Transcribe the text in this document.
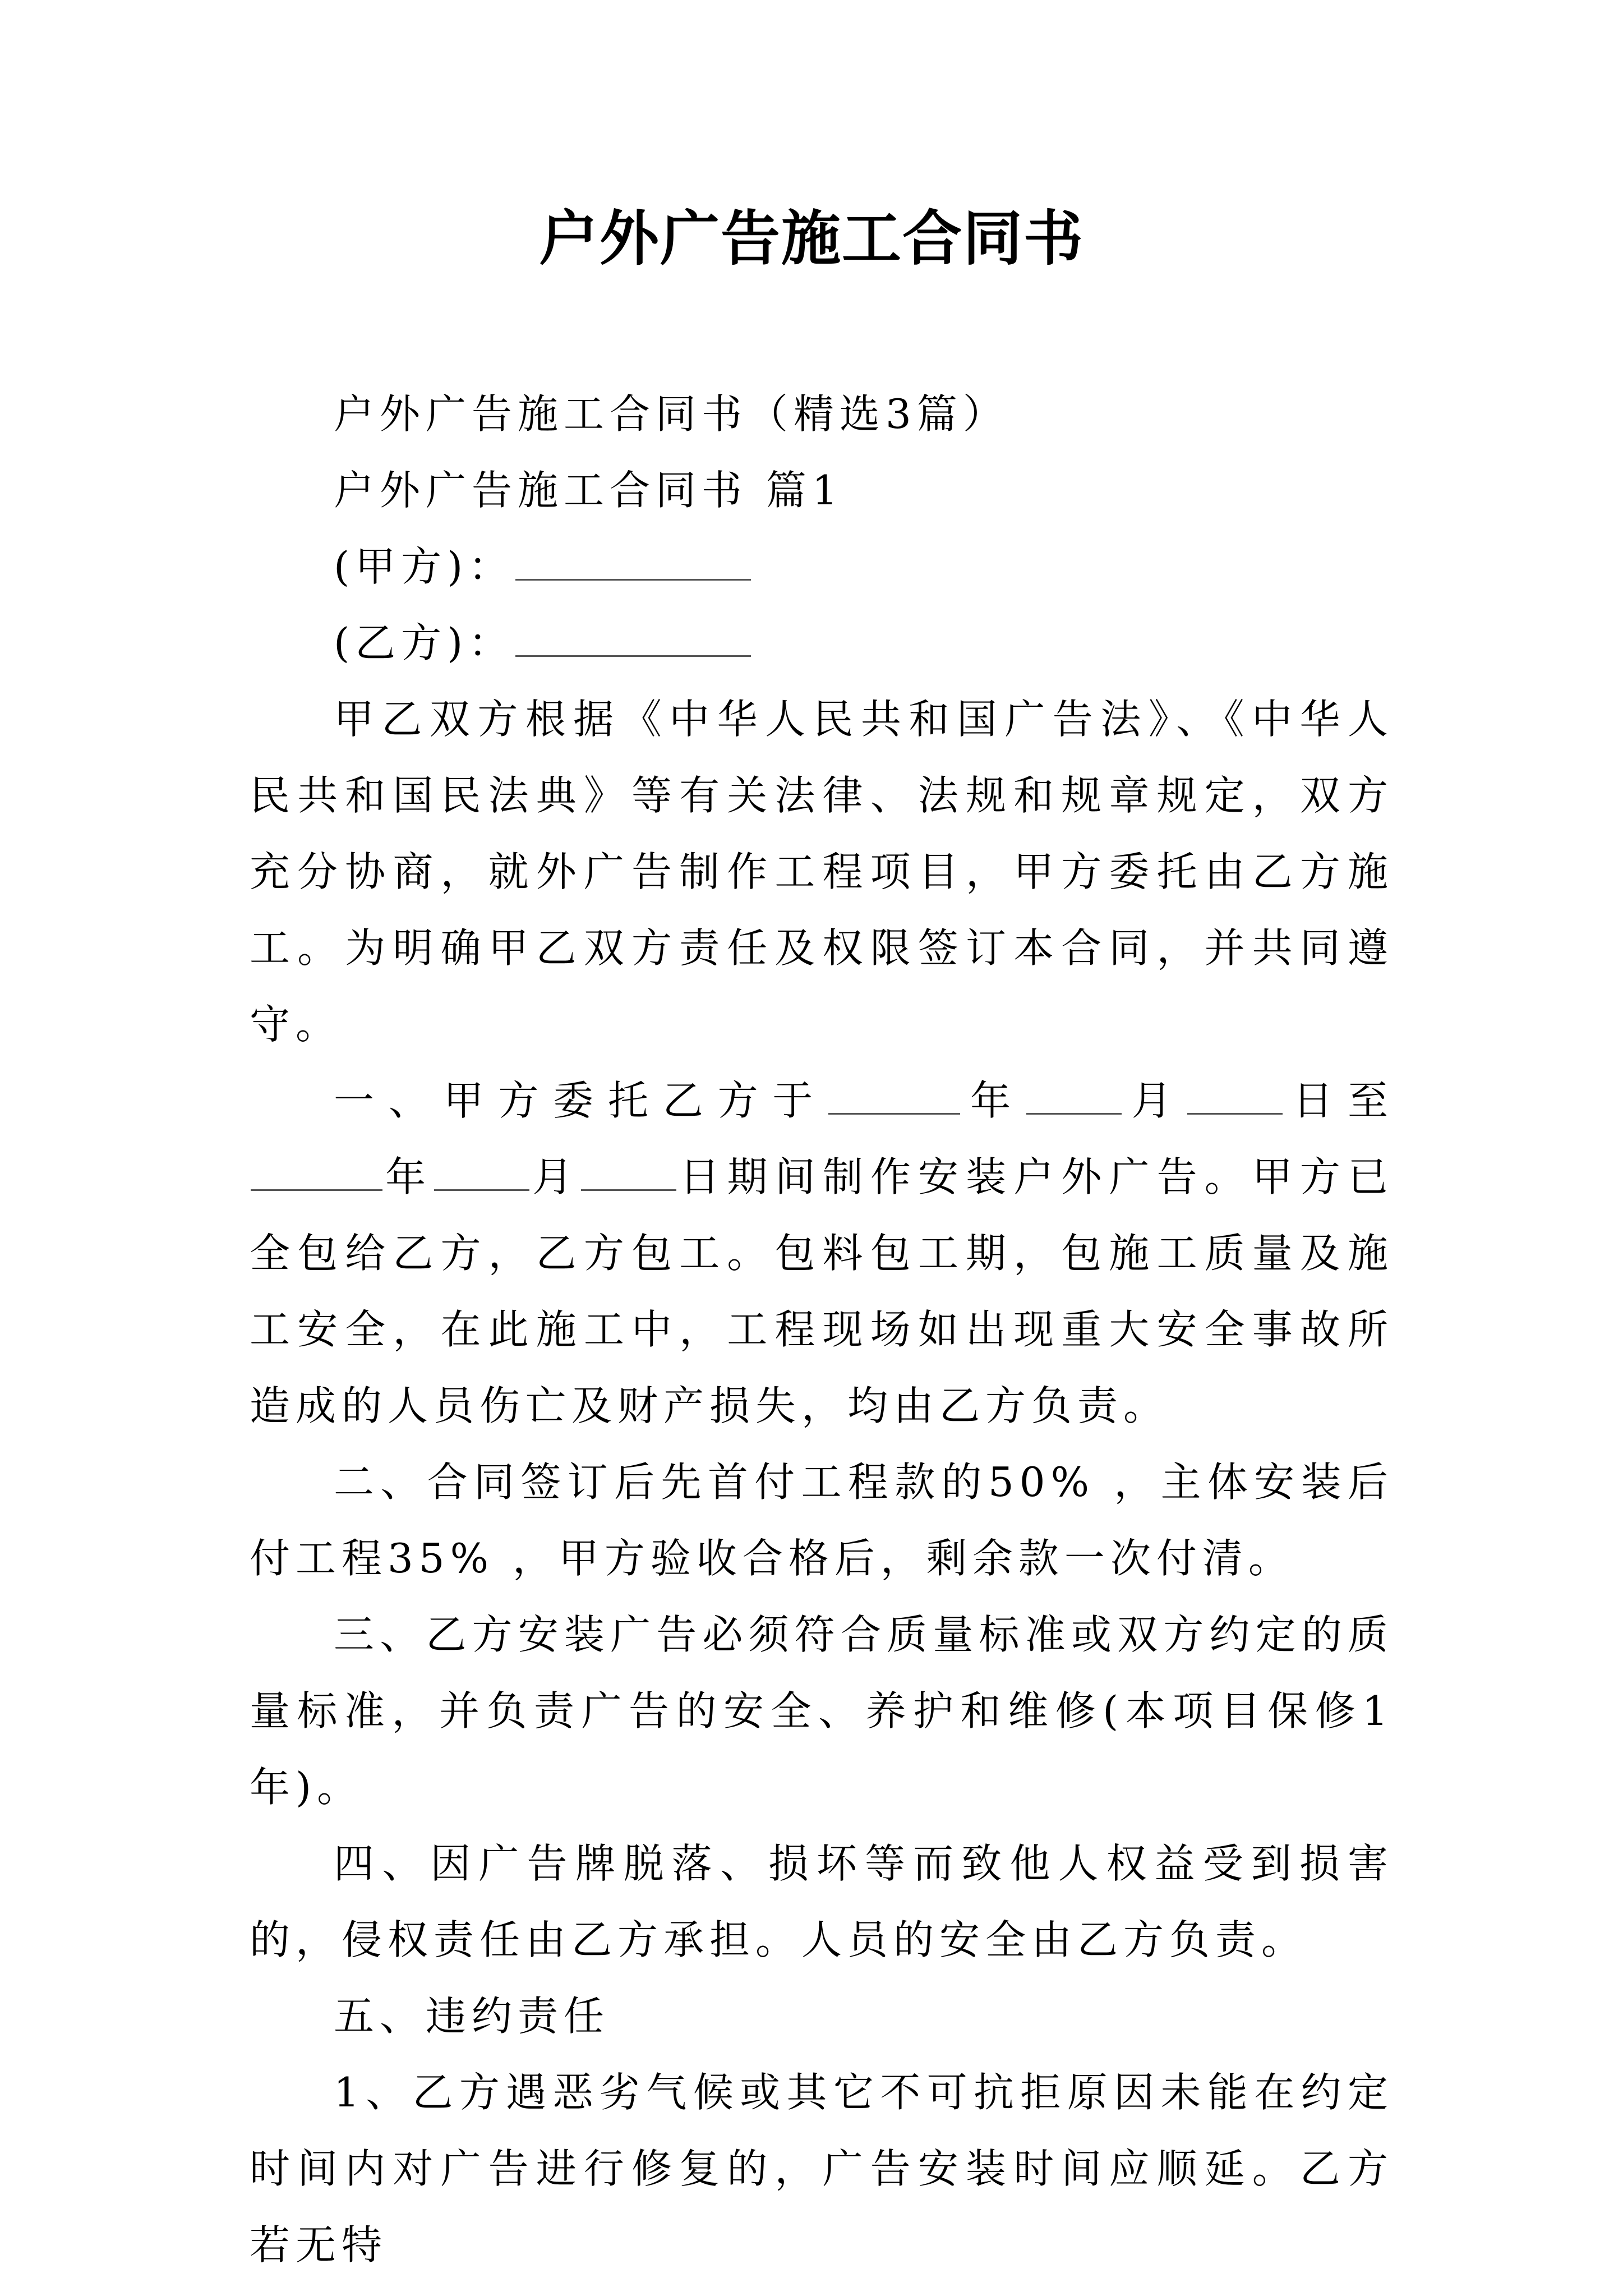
户外广告施工合同书

户外广告施工合同书（精选3篇）

户外广告施工合同书 篇1

(甲方)：

(乙方)：

甲乙双方根据《中华人民共和国广告法》、《中华人民共和国民法典》等有关法律、法规和规章规定，双方充分协商，就外广告制作工程项目，甲方委托由乙方施工。为明确甲乙双方责任及权限签订本合同，并共同遵守。

一、甲方委托乙方于	年 月 日至年 月 日期间制作安装户外广告。甲方已全包给乙方，乙方包工。包料包工期，包施工质量及施工安全，在此施工中，工程现场如出现重大安全事故所造成的人员伤亡及财产损失，均由乙方负责。

二、合同签订后先首付工程款的50% ，主体安装后付工程35% ，甲方验收合格后，剩余款一次付清。

三、乙方安装广告必须符合质量标准或双方约定的质量标准，并负责广告的安全、养护和维修(本项目保修1年)。

四、因广告牌脱落、损坏等而致他人权益受到损害的，侵权责任由乙方承担。人员的安全由乙方负责。

五、违约责任

1、乙方遇恶劣气候或其它不可抗拒原因未能在约定时间内对广告进行修复的，广告安装时间应顺延。乙方若无特
